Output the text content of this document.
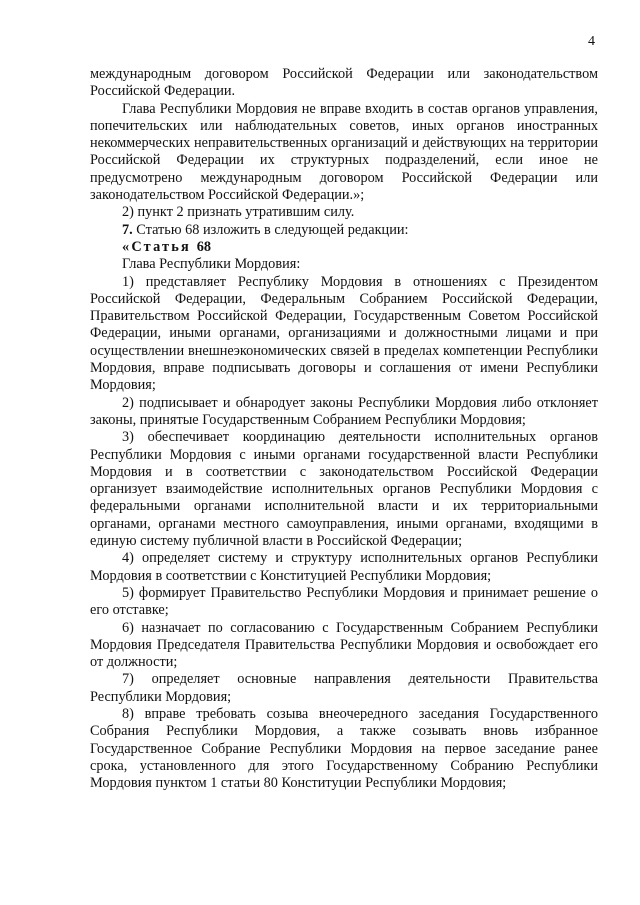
4

международным договором Российской Федерации или законодательством Российской Федерации.

Глава Республики Мордовия не вправе входить в состав органов управления, попечительских или наблюдательных советов, иных органов иностранных некоммерческих неправительственных организаций и действующих на территории Российской Федерации их структурных подразделений, если иное не предусмотрено международным договором Российской Федерации или законодательством Российской Федерации.»;

2) пункт 2 признать утратившим силу.

7. Статью 68 изложить в следующей редакции:

«Статья 68

Глава Республики Мордовия:

1) представляет Республику Мордовия в отношениях с Президентом Российской Федерации, Федеральным Собранием Российской Федерации, Правительством Российской Федерации, Государственным Советом Российской Федерации, иными органами, организациями и должностными лицами и при осуществлении внешнеэкономических связей в пределах компетенции Республики Мордовия, вправе подписывать договоры и соглашения от имени Республики Мордовия;

2) подписывает и обнародует законы Республики Мордовия либо отклоняет законы, принятые Государственным Собранием Республики Мордовия;

3) обеспечивает координацию деятельности исполнительных органов Республики Мордовия с иными органами государственной власти Республики Мордовия и в соответствии с законодательством Российской Федерации организует взаимодействие исполнительных органов Республики Мордовия с федеральными органами исполнительной власти и их территориальными органами, органами местного самоуправления, иными органами, входящими в единую систему публичной власти в Российской Федерации;

4) определяет систему и структуру исполнительных органов Республики Мордовия в соответствии с Конституцией Республики Мордовия;

5) формирует Правительство Республики Мордовия и принимает решение о его отставке;

6) назначает по согласованию с Государственным Собранием Республики Мордовия Председателя Правительства Республики Мордовия и освобождает его от должности;

7) определяет основные направления деятельности Правительства Республики Мордовия;

8) вправе требовать созыва внеочередного заседания Государственного Собрания Республики Мордовия, а также созывать вновь избранное Государственное Собрание Республики Мордовия на первое заседание ранее срока, установленного для этого Государственному Собранию Республики Мордовия пунктом 1 статьи 80 Конституции Республики Мордовия;
